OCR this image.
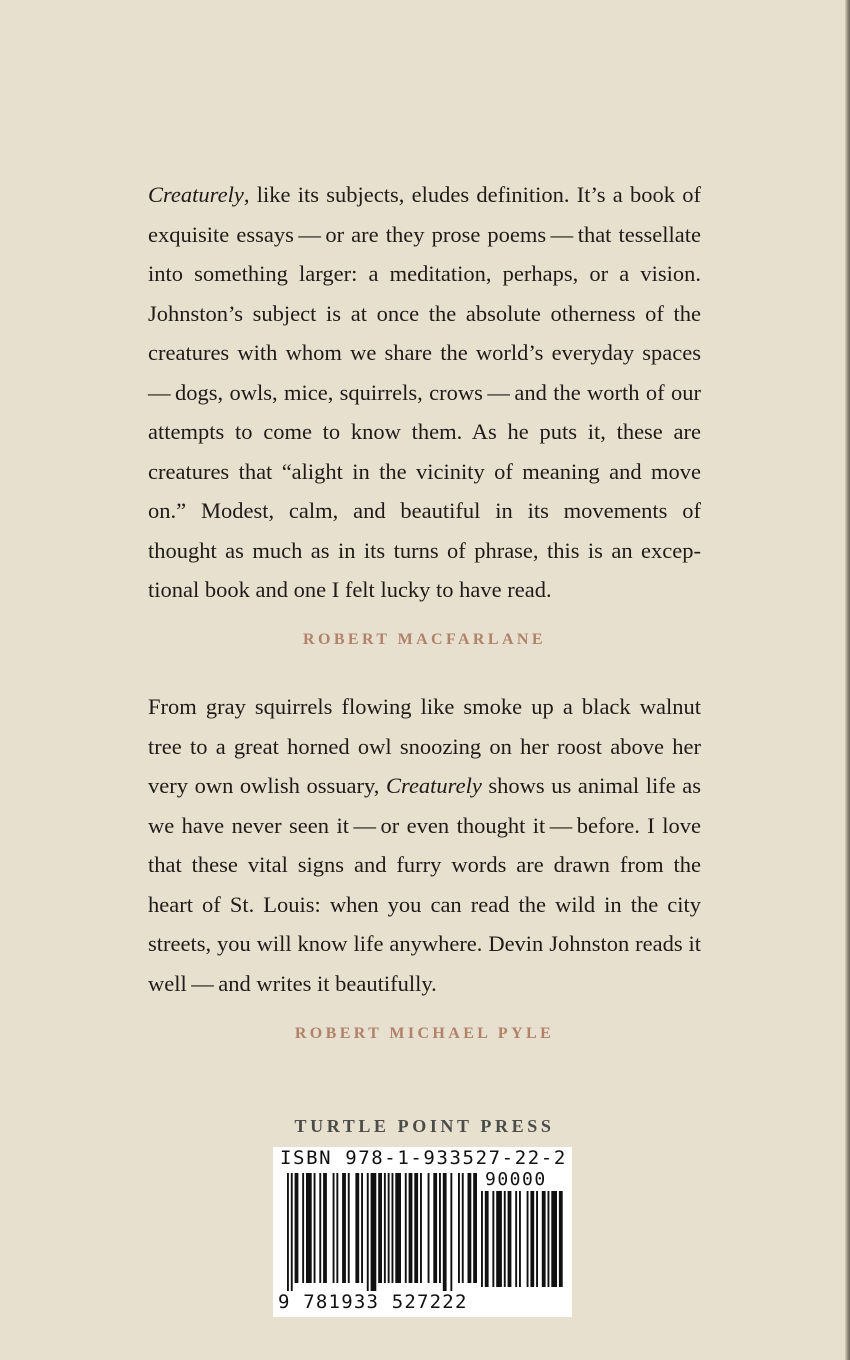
Creaturely, like its subjects, eludes definition. It’s a book of exquisite essays — or are they prose poems — that tessellate into something larger: a meditation, perhaps, or a vision. Johnston’s subject is at once the absolute otherness of the creatures with whom we share the world’s everyday spaces — dogs, owls, mice, squirrels, crows — and the worth of our attempts to come to know them. As he puts it, these are creatures that “alight in the vicinity of meaning and move on.” Modest, calm, and beautiful in its movements of thought as much as in its turns of phrase, this is an exceptional book and one I felt lucky to have read.

ROBERT MACFARLANE

From gray squirrels flowing like smoke up a black walnut tree to a great horned owl snoozing on her roost above her very own owlish ossuary, Creaturely shows us animal life as we have never seen it — or even thought it — before. I love that these vital signs and furry words are drawn from the heart of St. Louis: when you can read the wild in the city streets, you will know life anywhere. Devin Johnston reads it well — and writes it beautifully.

ROBERT MICHAEL PYLE

TURTLE POINT PRESS

ISBN 978-1-933527-22-2

90000

9 781933 527222
